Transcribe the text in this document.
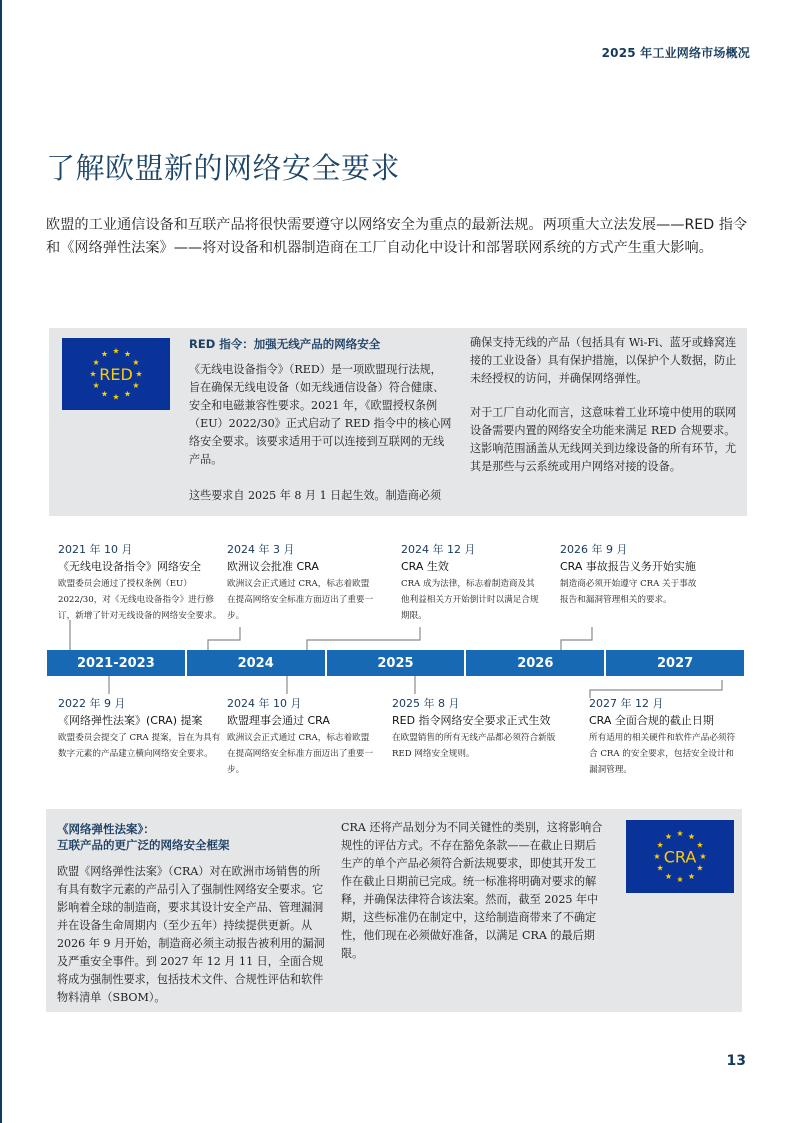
2025 年工业网络市场概况
了解欧盟新的网络安全要求

欧盟的工业通信设备和互联产品将很快需要遵守以网络安全为重点的最新法规。两项重大立法发展——RED 指令和《网络弹性法案》——将对设备和机器制造商在工厂自动化中设计和部署联网系统的方式产生重大影响。

RED

RED 指令：加强无线产品的网络安全

《无线电设备指令》（RED）是一项欧盟现行法规，旨在确保无线电设备（如无线通信设备）符合健康、安全和电磁兼容性要求。2021 年，《欧盟授权条例（EU）2022/30》正式启动了 RED 指令中的核心网络安全要求。该要求适用于可以连接到互联网的无线产品。

这些要求自 2025 年 8 月 1 日起生效。制造商必须

确保支持无线的产品（包括具有 Wi-Fi、蓝牙或蜂窝连接的工业设备）具有保护措施，以保护个人数据，防止未经授权的访问，并确保网络弹性。

对于工厂自动化而言，这意味着工业环境中使用的联网设备需要内置的网络安全功能来满足 RED 合规要求。这影响范围涵盖从无线网关到边缘设备的所有环节，尤其是那些与云系统或用户网络对接的设备。

2021 年 10 月
《无线电设备指令》网络安全
欧盟委员会通过了授权条例（EU）2022/30，对《无线电设备指令》进行修订，新增了针对无线设备的网络安全要求。
2024 年 3 月
欧洲议会批准 CRA
欧洲议会正式通过 CRA，标志着欧盟在提高网络安全标准方面迈出了重要一步。
2024 年 12 月
CRA 生效
CRA 成为法律，标志着制造商及其他利益相关方开始倒计时以满足合规期限。
2026 年 9 月
CRA 事故报告义务开始实施
制造商必须开始遵守 CRA 关于事故报告和漏洞管理相关的要求。
2021-2023	2024	2025	2026	2027
2022 年 9 月
《网络弹性法案》(CRA) 提案
欧盟委员会提交了 CRA 提案，旨在为具有数字元素的产品建立横向网络安全要求。
2024 年 10 月
欧盟理事会通过 CRA
欧洲议会正式通过 CRA，标志着欧盟在提高网络安全标准方面迈出了重要一步。
2025 年 8 月
RED 指令网络安全要求正式生效
在欧盟销售的所有无线产品都必须符合新版 RED 网络安全规则。
2027 年 12 月
CRA 全面合规的截止日期
所有适用的相关硬件和软件产品必须符合 CRA 的安全要求，包括安全设计和漏洞管理。

《网络弹性法案》：

互联产品的更广泛的网络安全框架

欧盟《网络弹性法案》（CRA）对在欧洲市场销售的所有具有数字元素的产品引入了强制性网络安全要求。它影响着全球的制造商，要求其设计安全产品、管理漏洞并在设备生命周期内（至少五年）持续提供更新。从 2026 年 9 月开始，制造商必须主动报告被利用的漏洞及严重安全事件。到 2027 年 12 月 11 日，全面合规将成为强制性要求，包括技术文件、合规性评估和软件物料清单（SBOM）。

CRA 还将产品划分为不同关键性的类别，这将影响合规性的评估方式。不存在豁免条款——在截止日期后生产的单个产品必须符合新法规要求，即使其开发工作在截止日期前已完成。统一标准将明确对要求的解释，并确保法律符合该法案。然而，截至 2025 年中期，这些标准仍在制定中，这给制造商带来了不确定性，他们现在必须做好准备，以满足 CRA 的最后期限。

CRA
13
